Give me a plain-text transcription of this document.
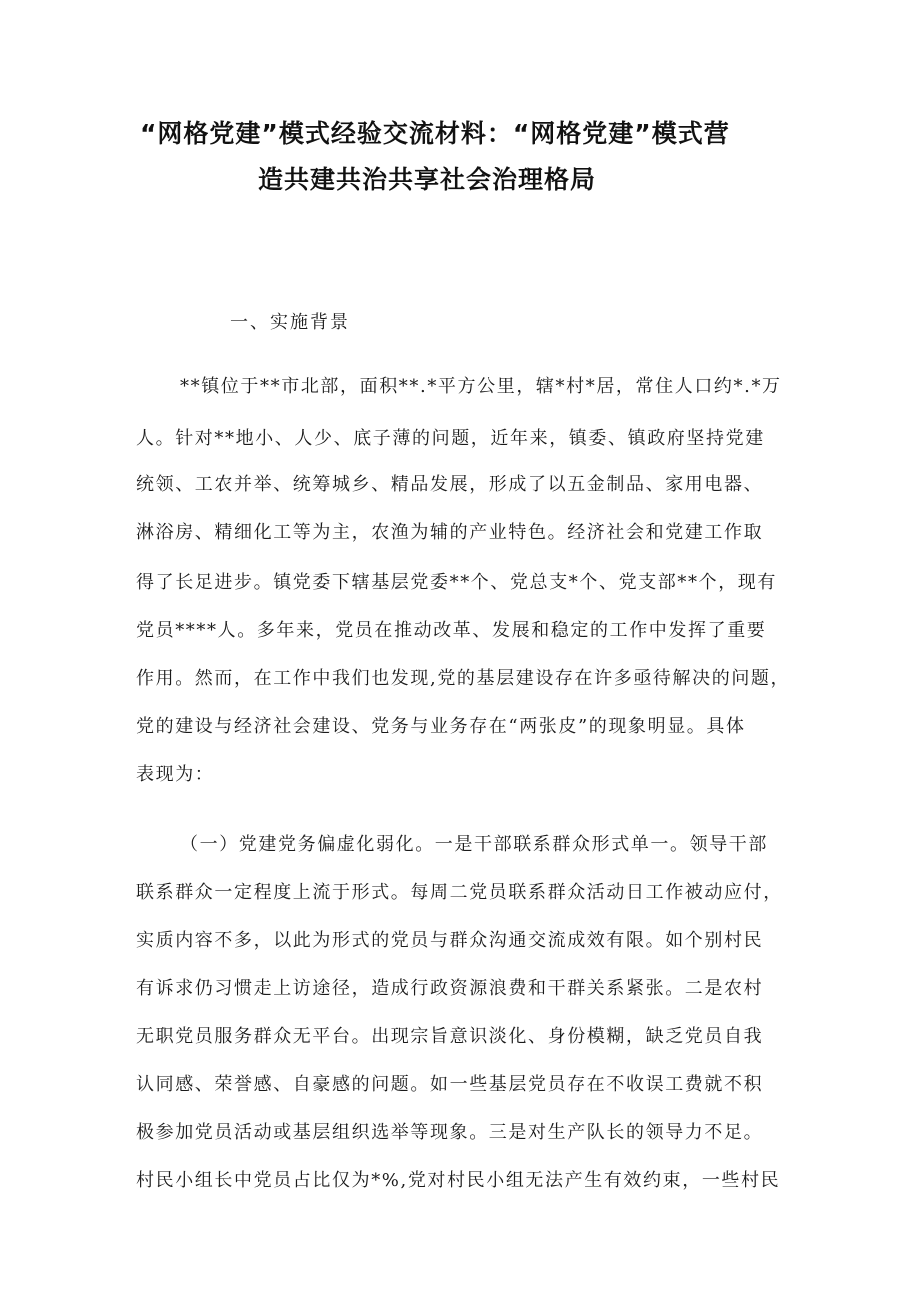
“网格党建”模式经验交流材料：“网格党建”模式营
造共建共治共享社会治理格局
一、实施背景
**镇位于**市北部，面积**.*平方公里，辖*村*居，常住人口约*.*万
人。针对**地小、人少、底子薄的问题，近年来，镇委、镇政府坚持党建
统领、工农并举、统筹城乡、精品发展，形成了以五金制品、家用电器、
淋浴房、精细化工等为主，农渔为辅的产业特色。经济社会和党建工作取
得了长足进步。镇党委下辖基层党委**个、党总支*个、党支部**个，现有
党员****人。多年来，党员在推动改革、发展和稳定的工作中发挥了重要
作用。然而，在工作中我们也发现,党的基层建设存在许多亟待解决的问题，
党的建设与经济社会建设、党务与业务存在“两张皮”的现象明显。具体
表现为：
（一）党建党务偏虚化弱化。一是干部联系群众形式单一。领导干部
联系群众一定程度上流于形式。每周二党员联系群众活动日工作被动应付，
实质内容不多，以此为形式的党员与群众沟通交流成效有限。如个别村民
有诉求仍习惯走上访途径，造成行政资源浪费和干群关系紧张。二是农村
无职党员服务群众无平台。出现宗旨意识淡化、身份模糊，缺乏党员自我
认同感、荣誉感、自豪感的问题。如一些基层党员存在不收误工费就不积
极参加党员活动或基层组织选举等现象。三是对生产队长的领导力不足。
村民小组长中党员占比仅为*%,党对村民小组无法产生有效约束，一些村民
